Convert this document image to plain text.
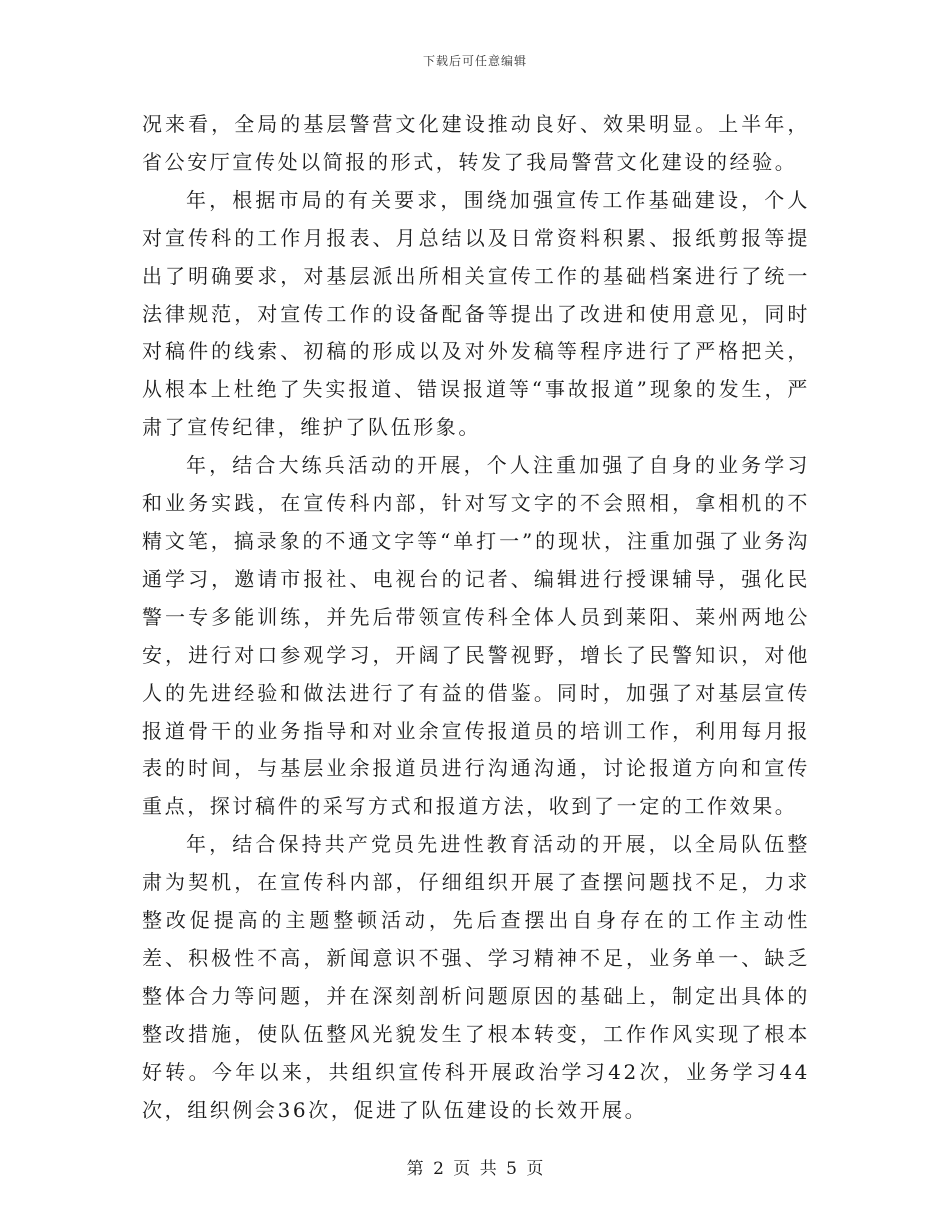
下载后可任意编辑

况来看，全局的基层警营文化建设推动良好、效果明显。上半年，省公安厅宣传处以简报的形式，转发了我局警营文化建设的经验。

年，根据市局的有关要求，围绕加强宣传工作基础建设，个人对宣传科的工作月报表、月总结以及日常资料积累、报纸剪报等提出了明确要求，对基层派出所相关宣传工作的基础档案进行了统一法律规范，对宣传工作的设备配备等提出了改进和使用意见，同时对稿件的线索、初稿的形成以及对外发稿等程序进行了严格把关，从根本上杜绝了失实报道、错误报道等“事故报道”现象的发生，严肃了宣传纪律，维护了队伍形象。

年，结合大练兵活动的开展，个人注重加强了自身的业务学习和业务实践，在宣传科内部，针对写文字的不会照相，拿相机的不精文笔，搞录象的不通文字等“单打一”的现状，注重加强了业务沟通学习，邀请市报社、电视台的记者、编辑进行授课辅导，强化民警一专多能训练，并先后带领宣传科全体人员到莱阳、莱州两地公安，进行对口参观学习，开阔了民警视野，增长了民警知识，对他人的先进经验和做法进行了有益的借鉴。同时，加强了对基层宣传报道骨干的业务指导和对业余宣传报道员的培训工作，利用每月报表的时间，与基层业余报道员进行沟通沟通，讨论报道方向和宣传重点，探讨稿件的采写方式和报道方法，收到了一定的工作效果。

年，结合保持共产党员先进性教育活动的开展，以全局队伍整肃为契机，在宣传科内部，仔细组织开展了查摆问题找不足，力求整改促提高的主题整顿活动，先后查摆出自身存在的工作主动性差、积极性不高，新闻意识不强、学习精神不足，业务单一、缺乏整体合力等问题，并在深刻剖析问题原因的基础上，制定出具体的整改措施，使队伍整风光貌发生了根本转变，工作作风实现了根本好转。今年以来，共组织宣传科开展政治学习42次，业务学习44次，组织例会36次，促进了队伍建设的长效开展。

第 2 页 共 5 页
